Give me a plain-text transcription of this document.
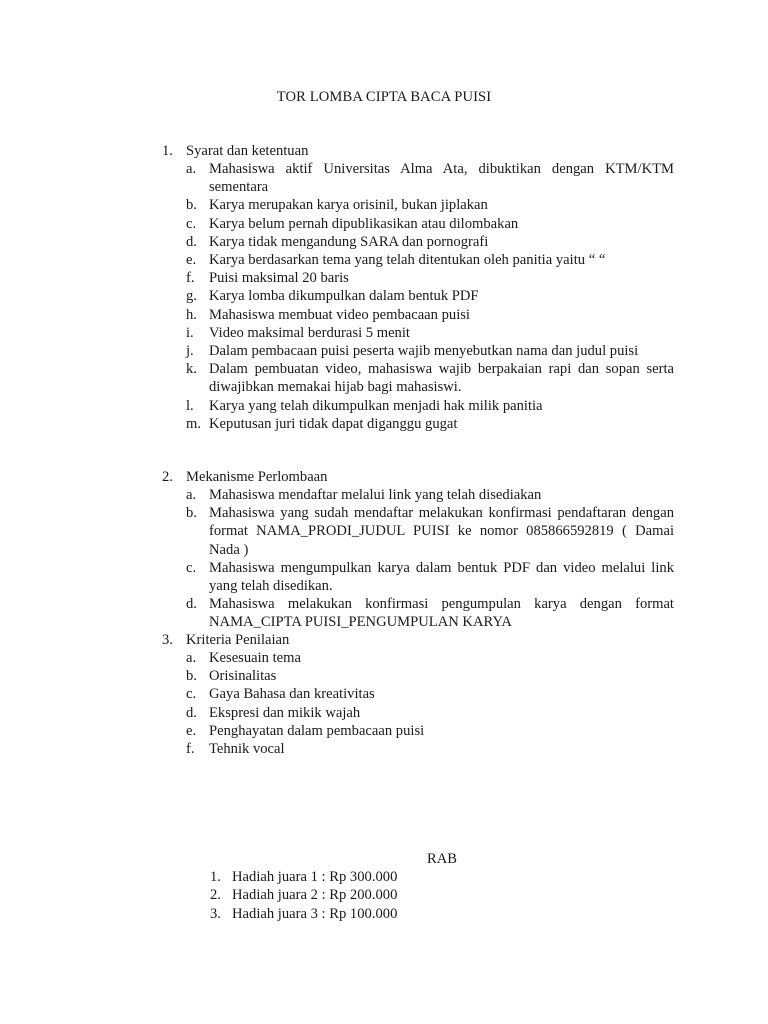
TOR LOMBA CIPTA BACA PUISI
1. Syarat dan ketentuan
a. Mahasiswa aktif Universitas Alma Ata, dibuktikan dengan KTM/KTM sementara
b. Karya merupakan karya orisinil, bukan jiplakan
c. Karya belum pernah dipublikasikan atau dilombakan
d. Karya tidak mengandung SARA dan pornografi
e. Karya berdasarkan tema yang telah ditentukan oleh panitia yaitu “ “
f. Puisi maksimal 20 baris
g. Karya lomba dikumpulkan dalam bentuk PDF
h. Mahasiswa membuat video pembacaan puisi
i. Video maksimal berdurasi 5 menit
j. Dalam pembacaan puisi peserta wajib menyebutkan nama dan judul puisi
k. Dalam pembuatan video, mahasiswa wajib berpakaian rapi dan sopan serta diwajibkan memakai hijab bagi mahasiswi.
l. Karya yang telah dikumpulkan menjadi hak milik panitia
m. Keputusan juri tidak dapat diganggu gugat
2. Mekanisme Perlombaan
a. Mahasiswa mendaftar melalui link yang telah disediakan
b. Mahasiswa yang sudah mendaftar melakukan konfirmasi pendaftaran dengan format NAMA_PRODI_JUDUL PUISI ke nomor 085866592819 ( Damai Nada )
c. Mahasiswa mengumpulkan karya dalam bentuk PDF dan video melalui link yang telah disedikan.
d. Mahasiswa melakukan konfirmasi pengumpulan karya dengan format NAMA_CIPTA PUISI_PENGUMPULAN KARYA
3. Kriteria Penilaian
a. Kesesuain tema
b. Orisinalitas
c. Gaya Bahasa dan kreativitas
d. Ekspresi dan mikik wajah
e. Penghayatan dalam pembacaan puisi
f. Tehnik vocal
RAB
1. Hadiah juara 1 : Rp 300.000
2. Hadiah juara 2 : Rp 200.000
3. Hadiah juara 3 : Rp 100.000
